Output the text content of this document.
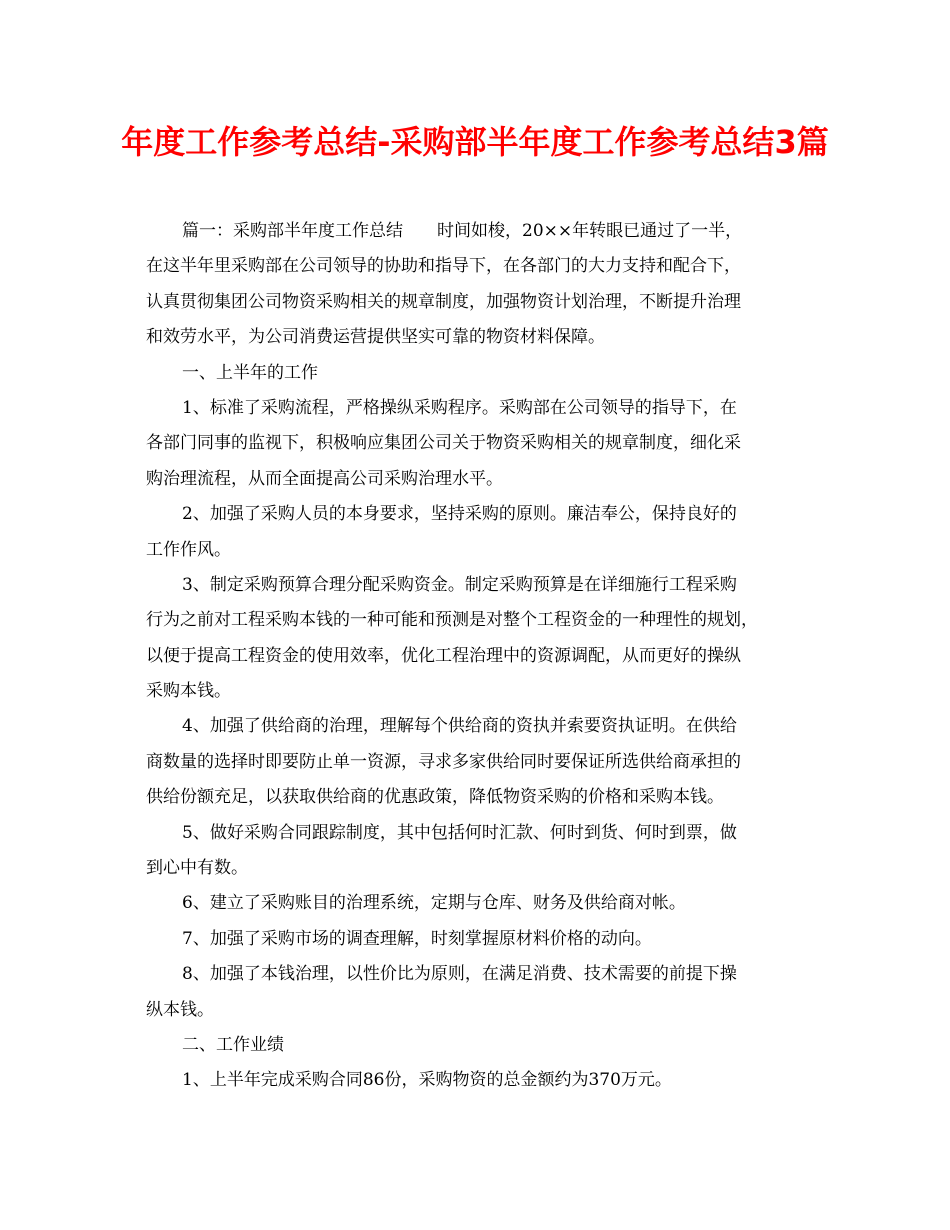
年度工作参考总结-采购部半年度工作参考总结3篇
篇一：采购部半年度工作总结 时间如梭，20××年转眼已通过了一半，
在这半年里采购部在公司领导的协助和指导下，在各部门的大力支持和配合下，
认真贯彻集团公司物资采购相关的规章制度，加强物资计划治理，不断提升治理
和效劳水平，为公司消费运营提供坚实可靠的物资材料保障。
一、上半年的工作
1、标准了采购流程，严格操纵采购程序。采购部在公司领导的指导下，在
各部门同事的监视下，积极响应集团公司关于物资采购相关的规章制度，细化采
购治理流程，从而全面提高公司采购治理水平。
2、加强了采购人员的本身要求，坚持采购的原则。廉洁奉公，保持良好的
工作作风。
3、制定采购预算合理分配采购资金。制定采购预算是在详细施行工程采购
行为之前对工程采购本钱的一种可能和预测是对整个工程资金的一种理性的规划，
以便于提高工程资金的使用效率，优化工程治理中的资源调配，从而更好的操纵
采购本钱。
4、加强了供给商的治理，理解每个供给商的资执并索要资执证明。在供给
商数量的选择时即要防止单一资源，寻求多家供给同时要保证所选供给商承担的
供给份额充足，以获取供给商的优惠政策，降低物资采购的价格和采购本钱。
5、做好采购合同跟踪制度，其中包括何时汇款、何时到货、何时到票，做
到心中有数。
6、建立了采购账目的治理系统，定期与仓库、财务及供给商对帐。
7、加强了采购市场的调查理解，时刻掌握原材料价格的动向。
8、加强了本钱治理，以性价比为原则，在满足消费、技术需要的前提下操
纵本钱。
二、工作业绩
1、上半年完成采购合同86份，采购物资的总金额约为370万元。
